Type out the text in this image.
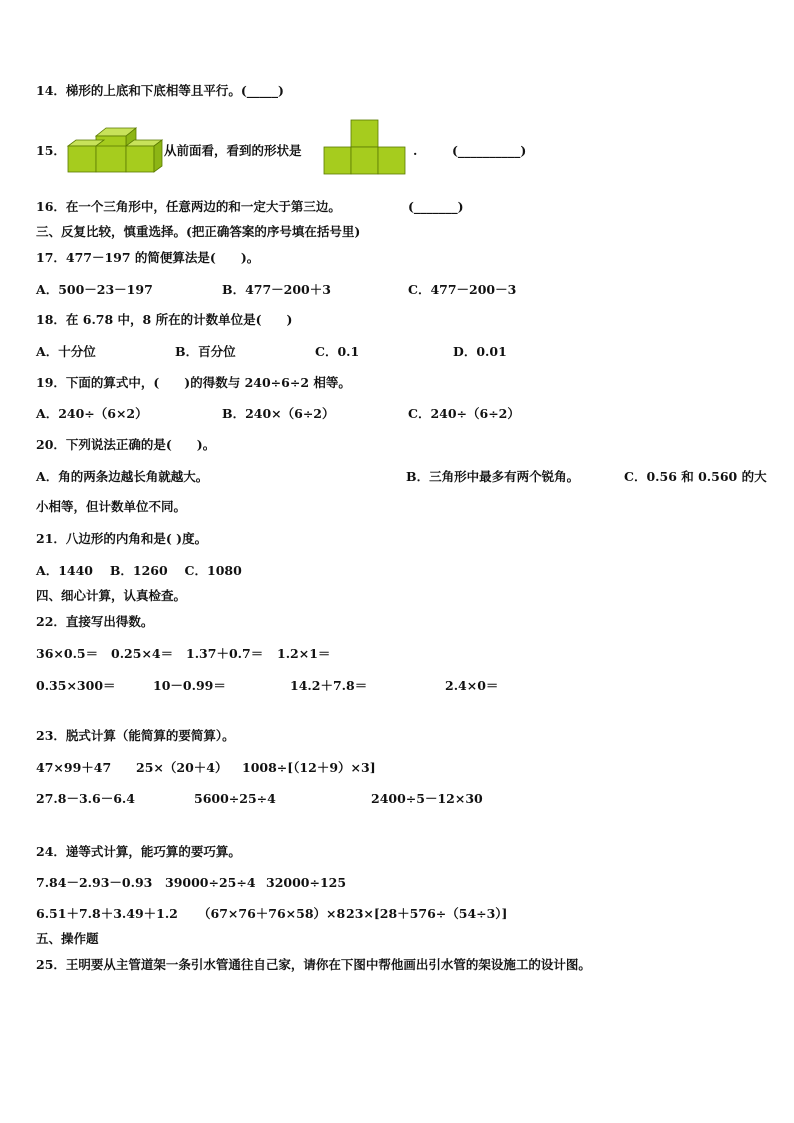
14．梯形的上底和下底相等且平行。(_____)
15．	从前面看，看到的形状是	.	(__________)
16．在一个三角形中，任意两边的和一定大于第三边。	(_______)
三、反复比较，慎重选择。(把正确答案的序号填在括号里)
17．477－197 的简便算法是(　　)。
A．500－23－197	B．477－200＋3	C．477－200－3
18．在 6.78 中，8 所在的计数单位是(　　)
A．十分位	B．百分位	C．0.1	D．0.01
19．下面的算式中，(　　)的得数与 240÷6÷2 相等。
A．240÷（6×2）	B．240×（6÷2）	C．240÷（6÷2）
20．下列说法正确的是(　　)。
A．角的两条边越长角就越大。	B．三角形中最多有两个锐角。	C．0.56 和 0.560 的大
小相等，但计数单位不同。
21．八边形的内角和是( )度。
A．1440　 B．1260　 C．1080
四、细心计算，认真检查。
22．直接写出得数。
36×0.5＝ 0.25×4＝ 1.37＋0.7＝ 1.2×1＝
0.35×300＝	10－0.99＝	14.2＋7.8＝	2.4×0＝
23．脱式计算（能简算的要简算）。
47×99＋47 25×（20＋4） 1008÷[（12＋9）×3]
27.8－3.6－6.4	5600÷25÷4	2400÷5－12×30
24．递等式计算，能巧算的要巧算。
7.84－2.93－0.93 39000÷25÷4 32000÷125
6.51＋7.8＋3.49＋1.2 （67×76＋76×58）×8 23×[28＋576÷（54÷3）]
五、操作题
25．王明要从主管道架一条引水管通往自己家，请你在下图中帮他画出引水管的架设施工的设计图。
